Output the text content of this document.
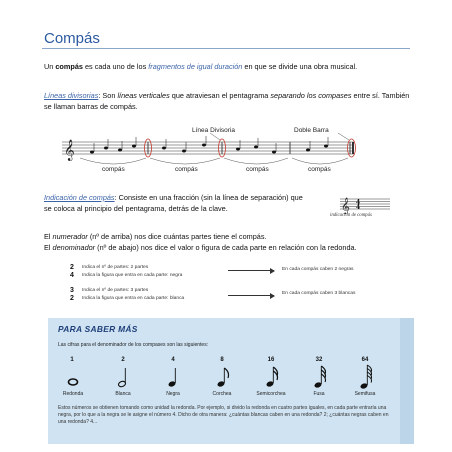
Compás
Un compás es cada uno de los fragmentos de igual duración en que se divide una obra musical.
Líneas divisorias: Son líneas verticales que atraviesan el pentagrama separando los compases entre sí. También se llaman barras de compás.
𝄞
Línea Divisoria	Doble Barra
compás	compás	compás	compás
Indicación de compás: Consiste en una fracción (sin la línea de separación) que se coloca al principio del pentagrama, detrás de la clave.	𝄞 4
4
indicación de compás
El numerador (nº de arriba) nos dice cuántas partes tiene el compás.
El denominador (nº de abajo) nos dice el valor o figura de cada parte en relación con la redonda.
2
4
Indica el nº de partes: 2 partes
Indica la figura que entra en cada parte: negra
En cada compás caben 2 negras
3
2
Indica el nº de partes: 3 partes
Indica la figura que entra en cada parte: blanca
En cada compás caben 3 blancas
PARA SABER MÁS
Las cifras para el denominador de los compases son las siguientes:
1	2	4	8	16	32	64
Redonda	Blanca	Negra	Corchea	Semicorchea	Fusa	Semifusa
Estos números se obtienen tomando como unidad la redonda. Por ejemplo, si divido la redonda en cuatro partes iguales, en cada parte entraría una negra, por lo que a la negra se le asigne el número 4. Dicho de otra manera: ¿cuántas blancas caben en una redonda? 2; ¿cuántas negras caben en una redonda? 4...
